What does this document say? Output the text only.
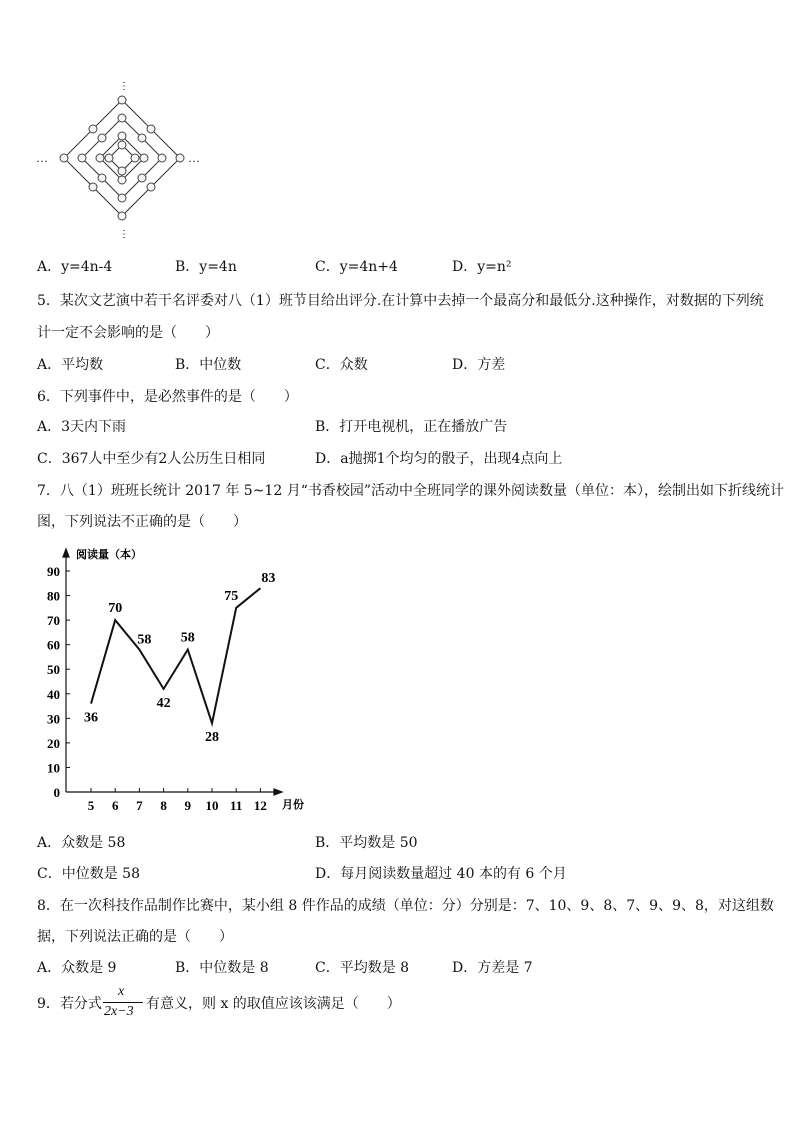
⋮
⋮
…	…
A．y=4n-4	B．y=4n	C．y=4n+4	D．y=n²
5．某次文艺演中若干名评委对八（1）班节目给出评分.在计算中去掉一个最高分和最低分.这种操作，对数据的下列统
计一定不会影响的是（　　）
A．平均数	B．中位数	C．众数	D．方差
6．下列事件中，是必然事件的是（　　）
A．3天内下雨	B．打开电视机，正在播放广告
C．367人中至少有2人公历生日相同	D．a抛掷1个均匀的骰子，出现4点向上
7．八（1）班班长统计 2017 年 5~12 月“书香校园”活动中全班同学的课外阅读数量（单位：本），绘制出如下折线统计
图，下列说法不正确的是（　　）
0
10
20
30
40
50
60
70
80
90
5 6 7 8 9 10 11 12
36
70
58
42
58
28
75
83
阅读量（本）
月份
A．众数是 58	B．平均数是 50
C．中位数是 58	D．每月阅读数量超过 40 本的有 6 个月
8．在一次科技作品制作比赛中，某小组 8 件作品的成绩（单位：分）分别是：7、10、9、8、7、9、9、8，对这组数
据，下列说法正确的是（　　）
A．众数是 9	B．中位数是 8	C．平均数是 8	D．方差是 7
9．若分式
x
2x−3 有意义，则 x 的取值应该该满足（　　）
